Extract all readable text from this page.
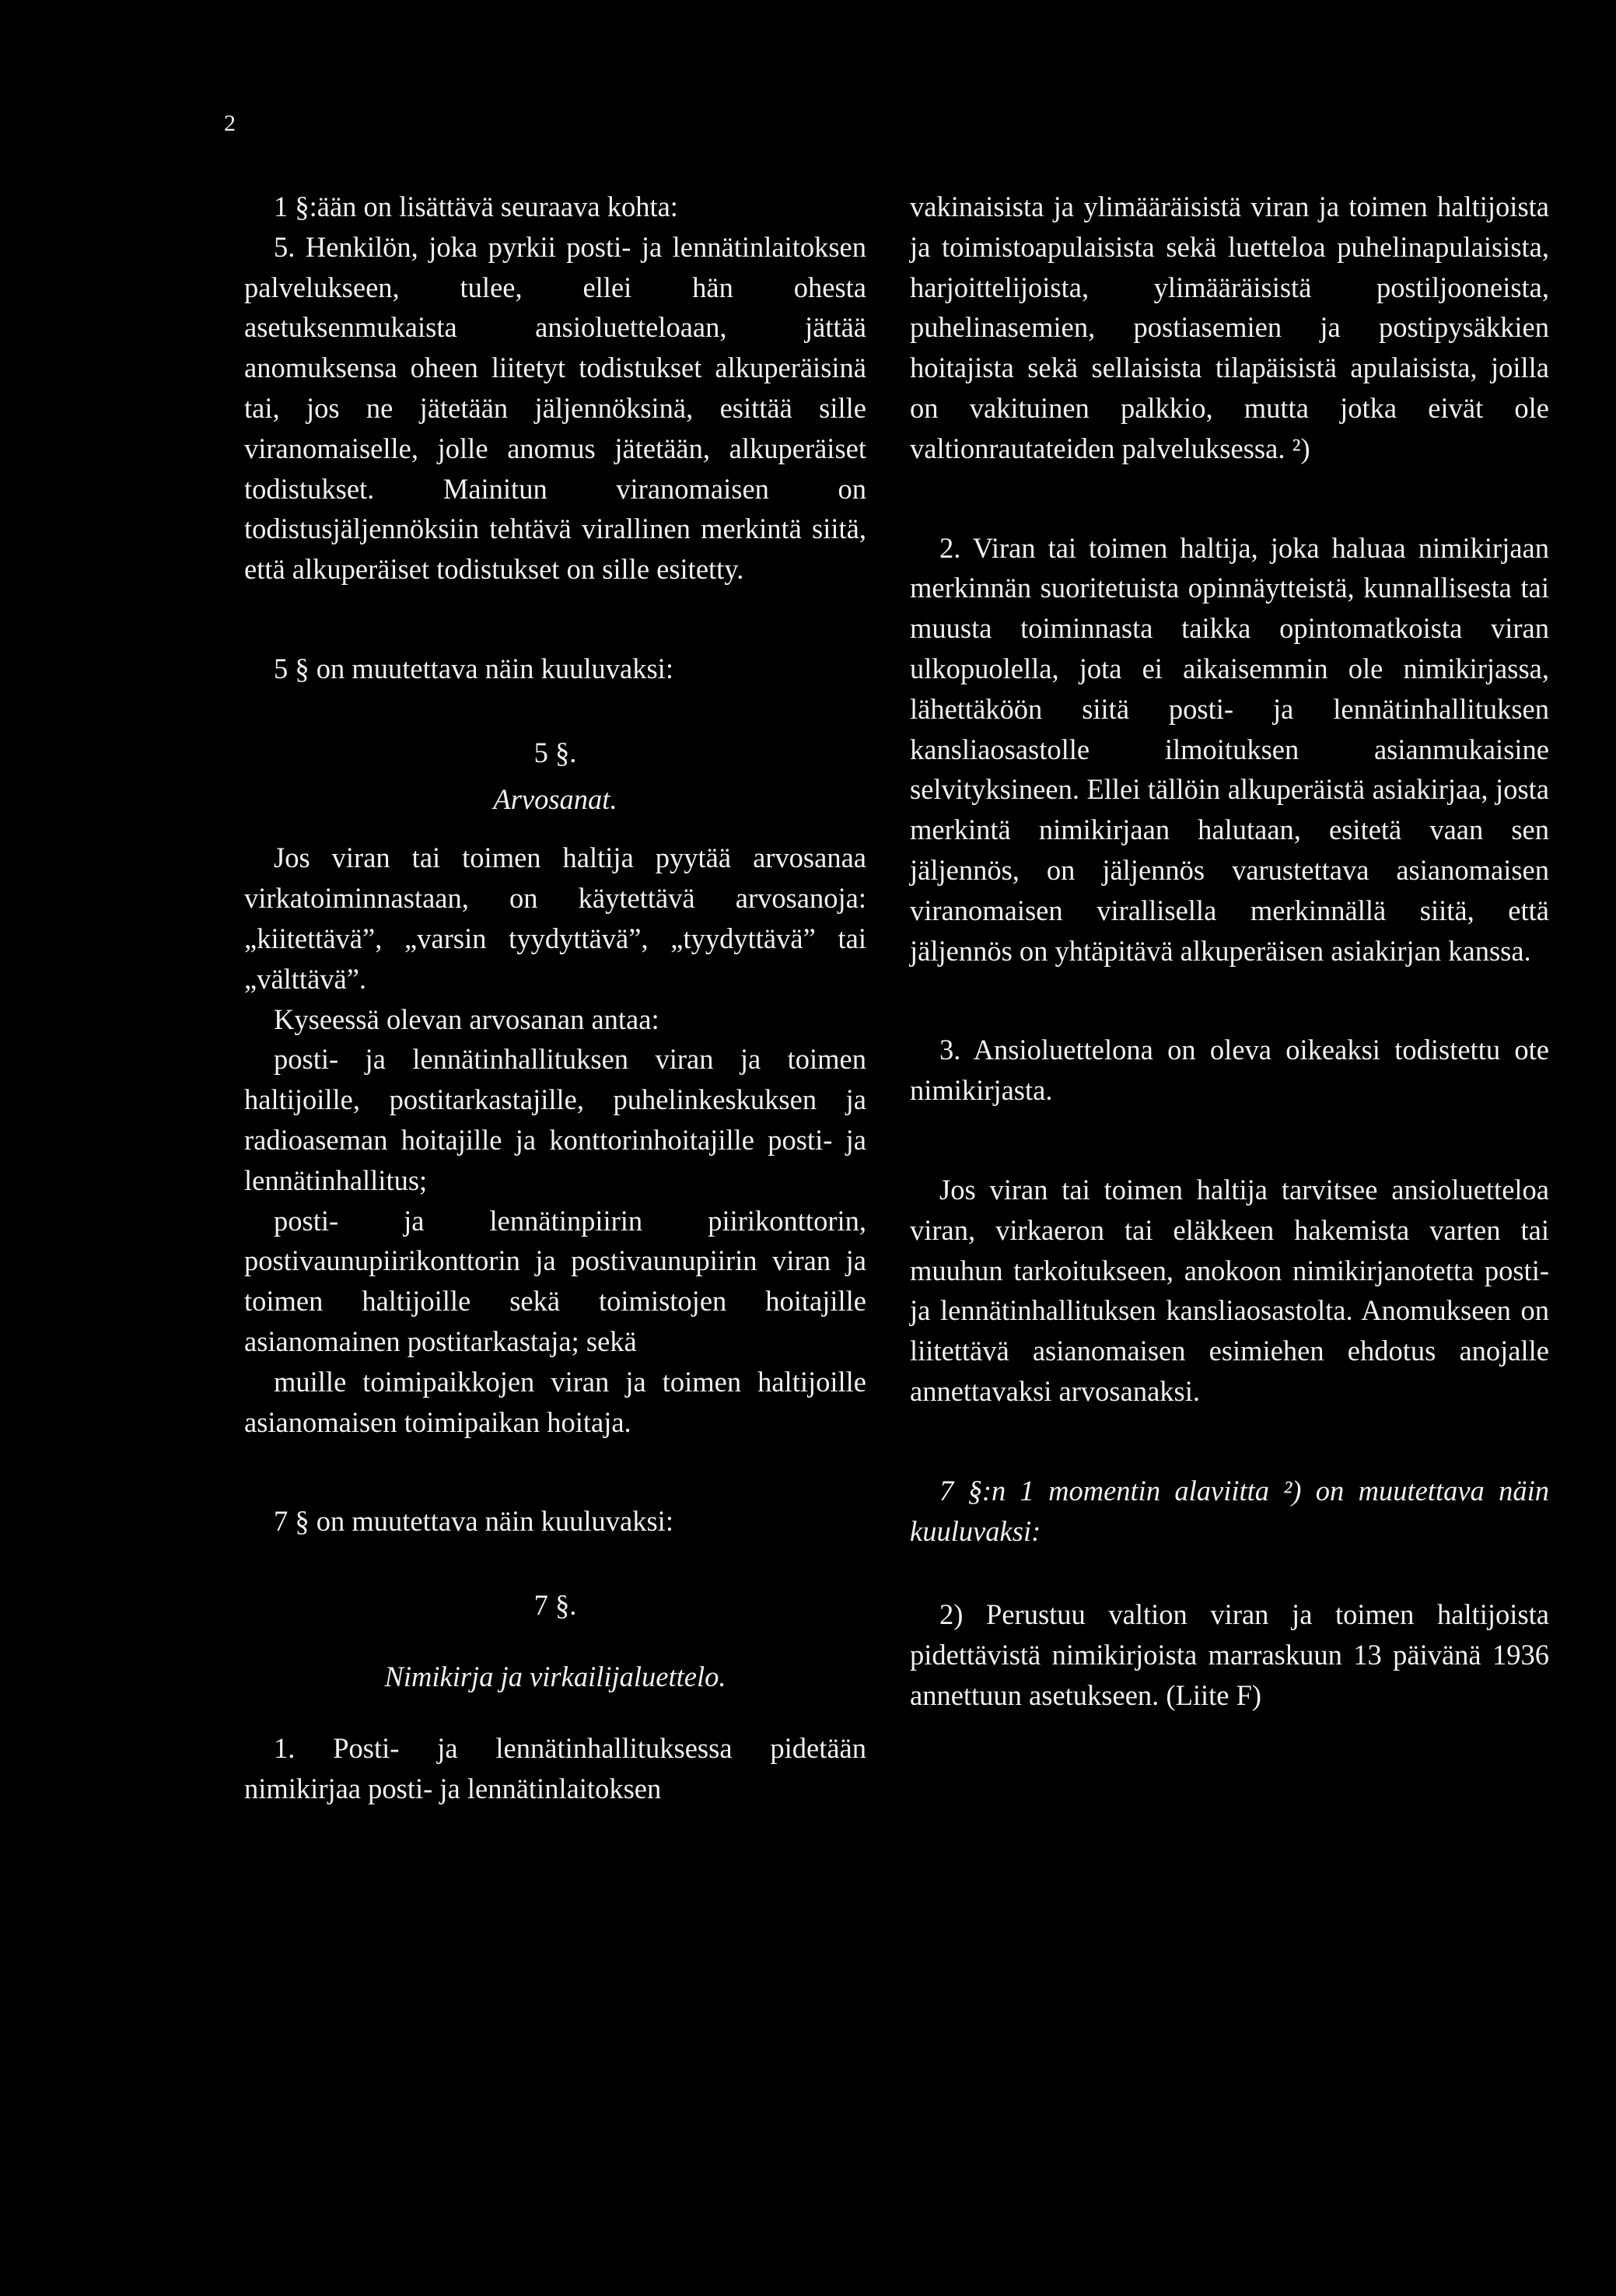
2

1 §:ään on lisättävä seuraava kohta:

5. Henkilön, joka pyrkii posti- ja lennätinlaitoksen palvelukseen, tulee, ellei hän ohesta asetuksenmukaista ansioluetteloaan, jättää anomuksensa oheen liitetyt todistukset alkuperäisinä tai, jos ne jätetään jäljennöksinä, esittää sille viranomaiselle, jolle anomus jätetään, alkuperäiset todistukset. Mainitun viranomaisen on todistusjäljennöksiin tehtävä virallinen merkintä siitä, että alkuperäiset todistukset on sille esitetty.

5 § on muutettava näin kuuluvaksi:

5 §.

Arvosanat.

Jos viran tai toimen haltija pyytää arvosanaa virkatoiminnastaan, on käytettävä arvosanoja: „kiitettävä”, „varsin tyydyttävä”, „tyydyttävä” tai „välttävä”.

Kyseessä olevan arvosanan antaa:

posti- ja lennätinhallituksen viran ja toimen haltijoille, postitarkastajille, puhelinkeskuksen ja radioaseman hoitajille ja konttorinhoitajille posti- ja lennätinhallitus;

posti- ja lennätinpiirin piirikonttorin, postivaunupiirikonttorin ja postivaunupiirin viran ja toimen haltijoille sekä toimistojen hoitajille asianomainen postitarkastaja; sekä

muille toimipaikkojen viran ja toimen haltijoille asianomaisen toimipaikan hoitaja.

7 § on muutettava näin kuuluvaksi:

7 §.

Nimikirja ja virkailijaluettelo.

1. Posti- ja lennätinhallituksessa pidetään nimikirjaa posti- ja lennätinlaitoksen

vakinaisista ja ylimääräisistä viran ja toimen haltijoista ja toimistoapulaisista sekä luetteloa puhelinapulaisista, harjoittelijoista, ylimääräisistä postiljooneista, puhelinasemien, postiasemien ja postipysäkkien hoitajista sekä sellaisista tilapäisistä apulaisista, joilla on vakituinen palkkio, mutta jotka eivät ole valtionrautateiden palveluksessa. ²)

2. Viran tai toimen haltija, joka haluaa nimikirjaan merkinnän suoritetuista opinnäytteistä, kunnallisesta tai muusta toiminnasta taikka opintomatkoista viran ulkopuolella, jota ei aikaisemmin ole nimikirjassa, lähettäköön siitä posti- ja lennätinhallituksen kansliaosastolle ilmoituksen asianmukaisine selvityksineen. Ellei tällöin alkuperäistä asiakirjaa, josta merkintä nimikirjaan halutaan, esitetä vaan sen jäljennös, on jäljennös varustettava asianomaisen viranomaisen virallisella merkinnällä siitä, että jäljennös on yhtäpitävä alkuperäisen asiakirjan kanssa.

3. Ansioluettelona on oleva oikeaksi todistettu ote nimikirjasta.

Jos viran tai toimen haltija tarvitsee ansioluetteloa viran, virkaeron tai eläkkeen hakemista varten tai muuhun tarkoitukseen, anokoon nimikirjanotetta posti- ja lennätinhallituksen kansliaosastolta. Anomukseen on liitettävä asianomaisen esimiehen ehdotus anojalle annettavaksi arvosanaksi.

7 §:n 1 momentin alaviitta ²) on muutettava näin kuuluvaksi:

2) Perustuu valtion viran ja toimen haltijoista pidettävistä nimikirjoista marraskuun 13 päivänä 1936 annettuun asetukseen. (Liite F)
